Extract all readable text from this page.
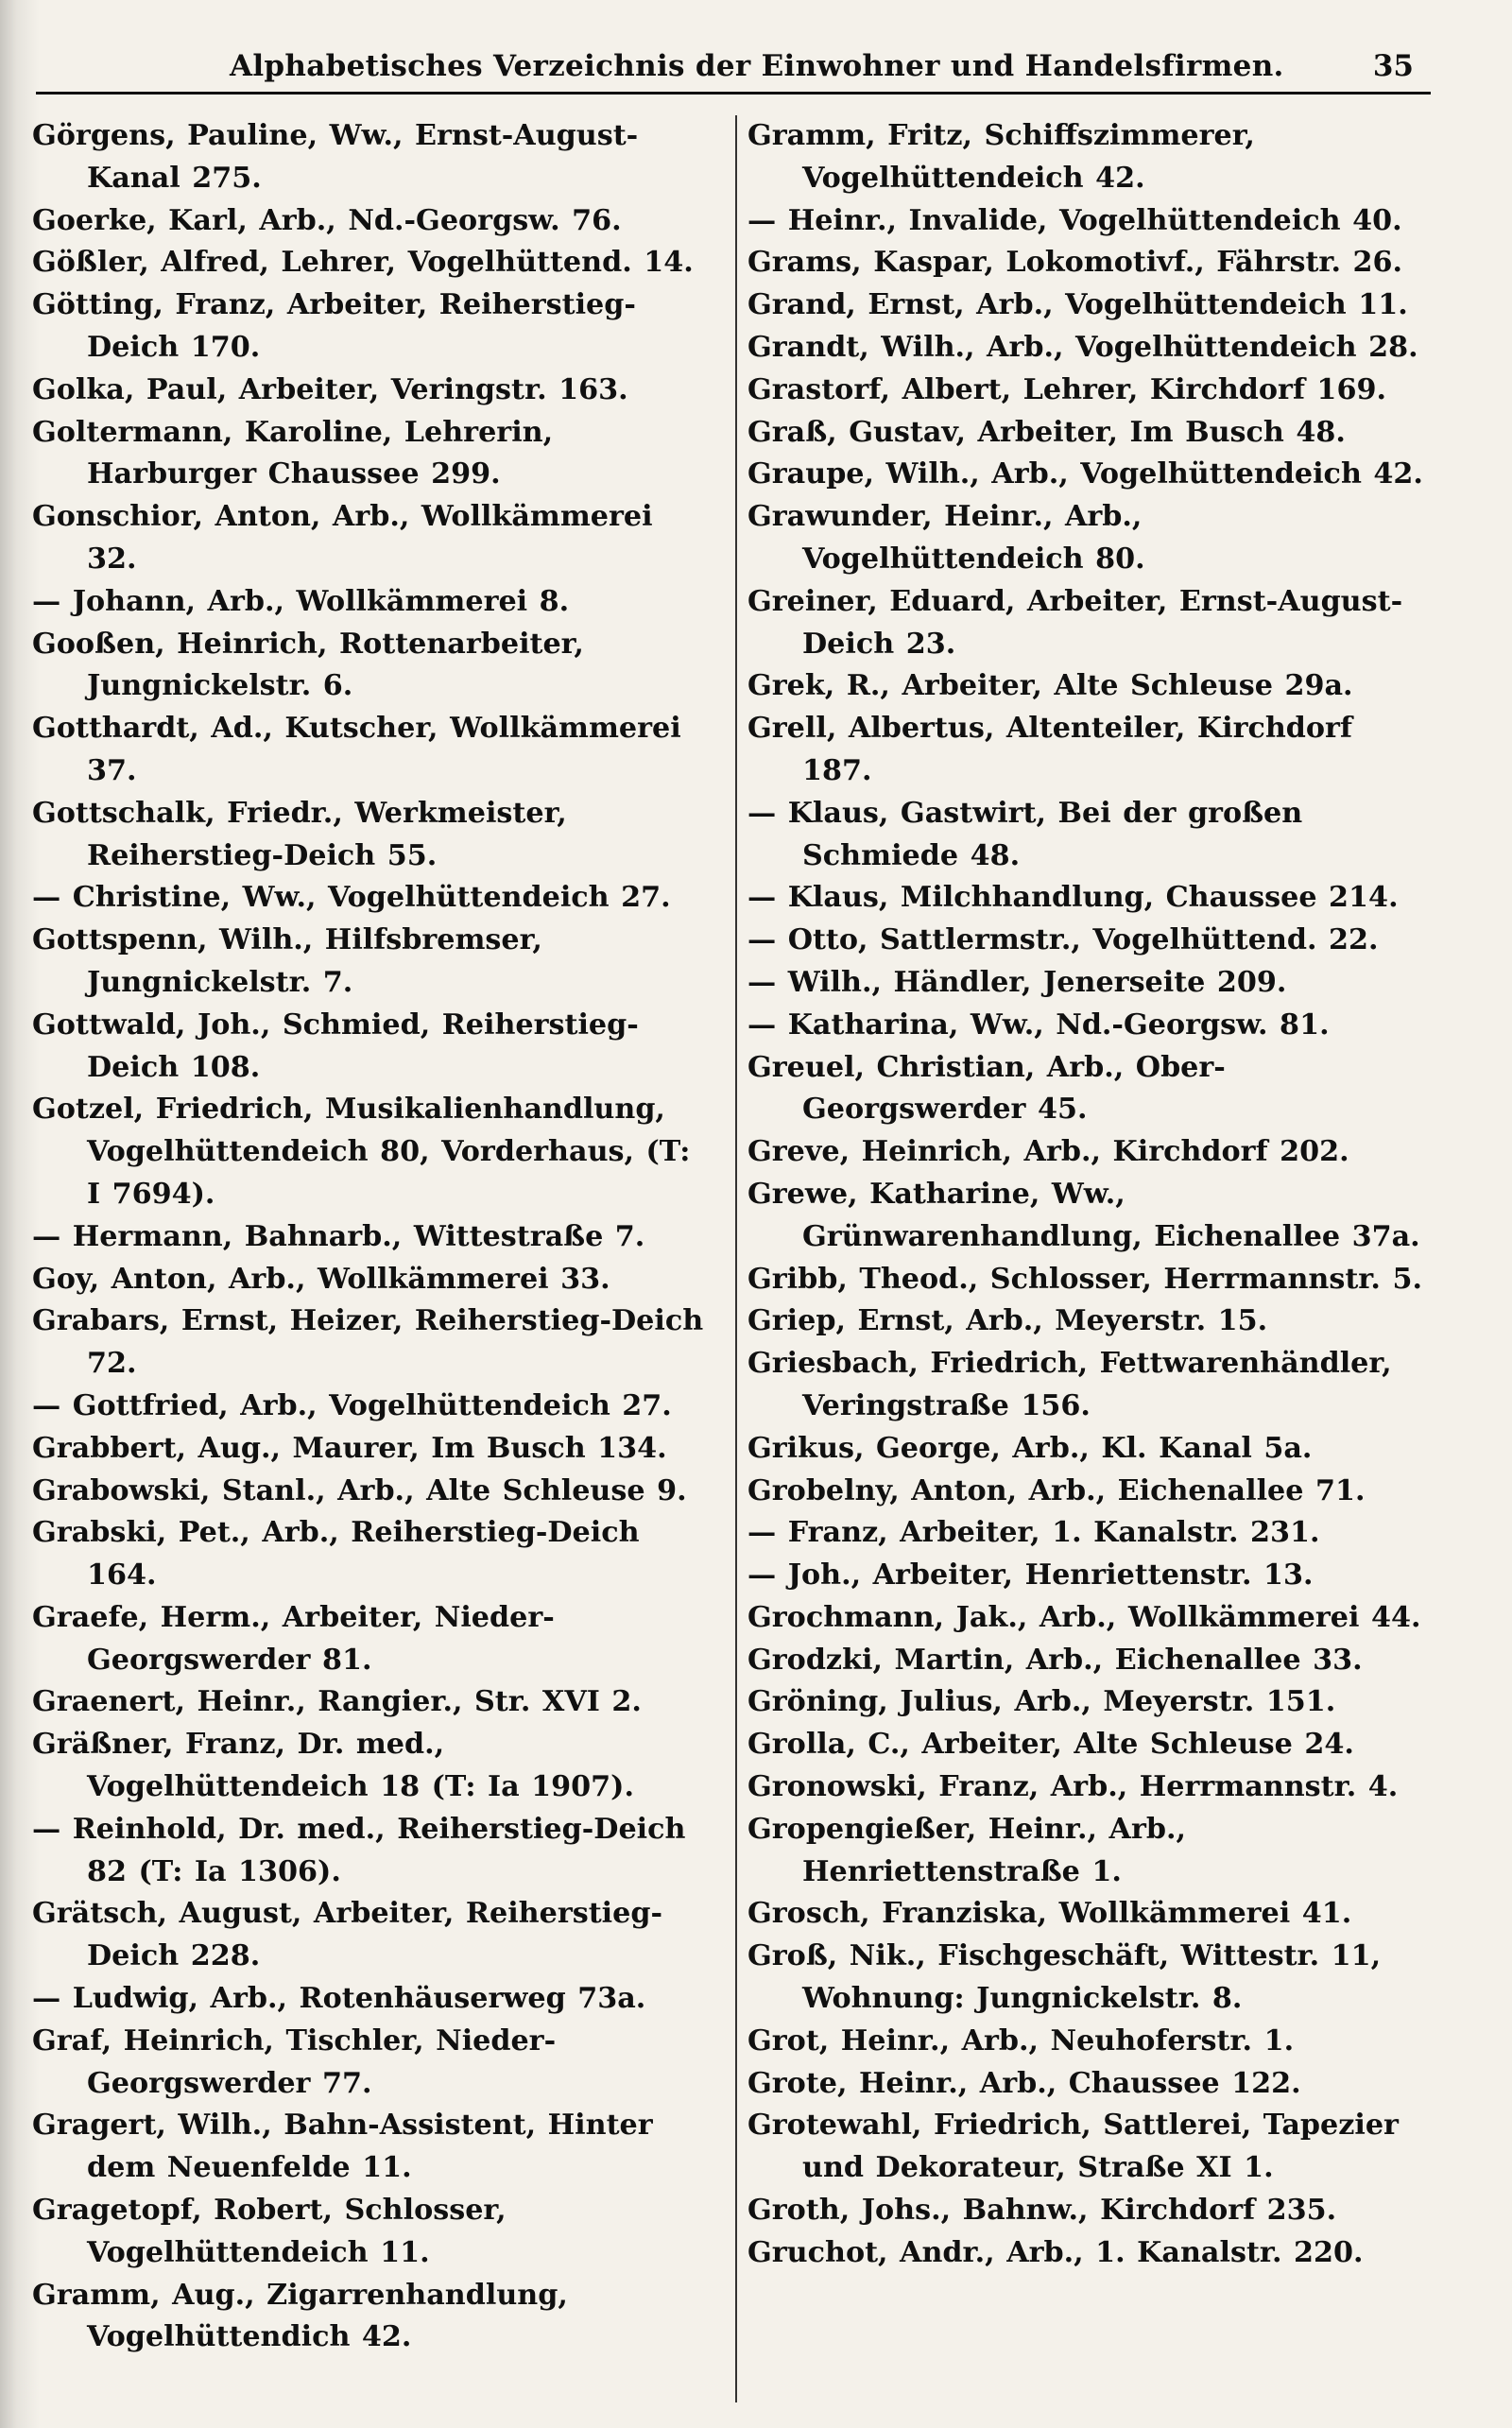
Alphabetisches Verzeichnis der Einwohner und Handelsfirmen.	35

Görgens, Pauline, Ww., Ernst-August-Kanal 275.

Goerke, Karl, Arb., Nd.-Georgsw. 76.

Gößler, Alfred, Lehrer, Vogelhüttend. 14.

Götting, Franz, Arbeiter, Reiherstieg-Deich 170.

Golka, Paul, Arbeiter, Veringstr. 163.

Goltermann, Karoline, Lehrerin, Harburger Chaussee 299.

Gonschior, Anton, Arb., Wollkämmerei 32.

— Johann, Arb., Wollkämmerei 8.

Gooßen, Heinrich, Rottenarbeiter, Jungnickelstr. 6.

Gotthardt, Ad., Kutscher, Wollkämmerei 37.

Gottschalk, Friedr., Werkmeister, Reiherstieg-Deich 55.

— Christine, Ww., Vogelhüttendeich 27.

Gottspenn, Wilh., Hilfsbremser, Jungnickelstr. 7.

Gottwald, Joh., Schmied, Reiherstieg-Deich 108.

Gotzel, Friedrich, Musikalienhandlung, Vogelhüttendeich 80, Vorderhaus, (T: I 7694).

— Hermann, Bahnarb., Wittestraße 7.

Goy, Anton, Arb., Wollkämmerei 33.

Grabars, Ernst, Heizer, Reiherstieg-Deich 72.

— Gottfried, Arb., Vogelhüttendeich 27.

Grabbert, Aug., Maurer, Im Busch 134.

Grabowski, Stanl., Arb., Alte Schleuse 9.

Grabski, Pet., Arb., Reiherstieg-Deich 164.

Graefe, Herm., Arbeiter, Nieder-Georgswerder 81.

Graenert, Heinr., Rangier., Str. XVI 2.

Gräßner, Franz, Dr. med., Vogelhüttendeich 18 (T: Ia 1907).

— Reinhold, Dr. med., Reiherstieg-Deich 82 (T: Ia 1306).

Grätsch, August, Arbeiter, Reiherstieg-Deich 228.

— Ludwig, Arb., Rotenhäuserweg 73a.

Graf, Heinrich, Tischler, Nieder-Georgswerder 77.

Gragert, Wilh., Bahn-Assistent, Hinter dem Neuenfelde 11.

Gragetopf, Robert, Schlosser, Vogelhüttendeich 11.

Gramm, Aug., Zigarrenhandlung, Vogelhüttendich 42.

Gramm, Fritz, Schiffszimmerer, Vogelhüttendeich 42.

— Heinr., Invalide, Vogelhüttendeich 40.

Grams, Kaspar, Lokomotivf., Fährstr. 26.

Grand, Ernst, Arb., Vogelhüttendeich 11.

Grandt, Wilh., Arb., Vogelhüttendeich 28.

Grastorf, Albert, Lehrer, Kirchdorf 169.

Graß, Gustav, Arbeiter, Im Busch 48.

Graupe, Wilh., Arb., Vogelhüttendeich 42.

Grawunder, Heinr., Arb., Vogelhüttendeich 80.

Greiner, Eduard, Arbeiter, Ernst-August-Deich 23.

Grek, R., Arbeiter, Alte Schleuse 29a.

Grell, Albertus, Altenteiler, Kirchdorf 187.

— Klaus, Gastwirt, Bei der großen Schmiede 48.

— Klaus, Milchhandlung, Chaussee 214.

— Otto, Sattlermstr., Vogelhüttend. 22.

— Wilh., Händler, Jenerseite 209.

— Katharina, Ww., Nd.-Georgsw. 81.

Greuel, Christian, Arb., Ober-Georgswerder 45.

Greve, Heinrich, Arb., Kirchdorf 202.

Grewe, Katharine, Ww., Grünwarenhandlung, Eichenallee 37a.

Gribb, Theod., Schlosser, Herrmannstr. 5.

Griep, Ernst, Arb., Meyerstr. 15.

Griesbach, Friedrich, Fettwarenhändler, Veringstraße 156.

Grikus, George, Arb., Kl. Kanal 5a.

Grobelny, Anton, Arb., Eichenallee 71.

— Franz, Arbeiter, 1. Kanalstr. 231.

— Joh., Arbeiter, Henriettenstr. 13.

Grochmann, Jak., Arb., Wollkämmerei 44.

Grodzki, Martin, Arb., Eichenallee 33.

Gröning, Julius, Arb., Meyerstr. 151.

Grolla, C., Arbeiter, Alte Schleuse 24.

Gronowski, Franz, Arb., Herrmannstr. 4.

Gropengießer, Heinr., Arb., Henriettenstraße 1.

Grosch, Franziska, Wollkämmerei 41.

Groß, Nik., Fischgeschäft, Wittestr. 11, Wohnung: Jungnickelstr. 8.

Grot, Heinr., Arb., Neuhoferstr. 1.

Grote, Heinr., Arb., Chaussee 122.

Grotewahl, Friedrich, Sattlerei, Tapezier und Dekorateur, Straße XI 1.

Groth, Johs., Bahnw., Kirchdorf 235.

Gruchot, Andr., Arb., 1. Kanalstr. 220.
